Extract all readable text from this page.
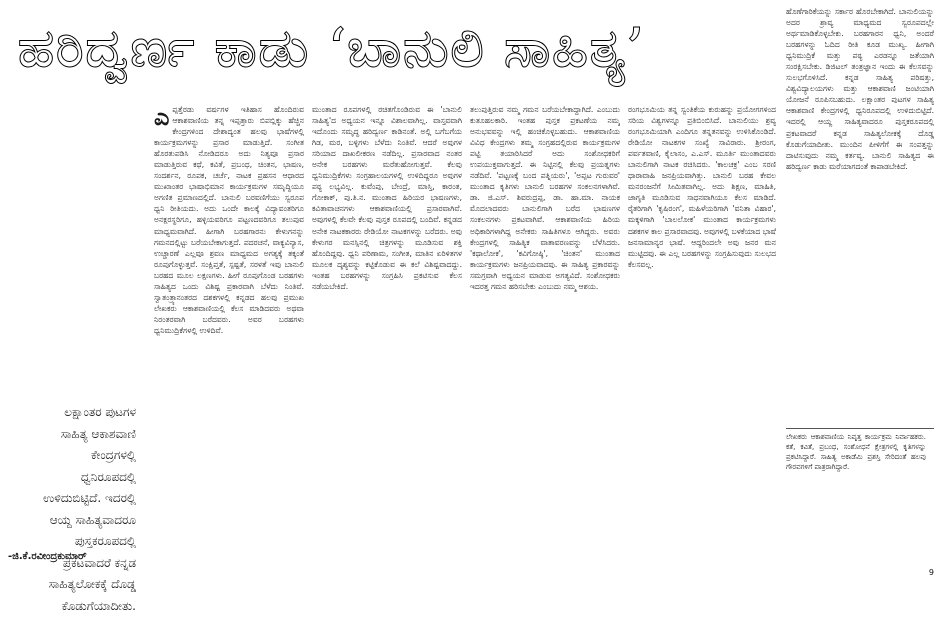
ಹರಿದ್ವರ್ಣ ಕಾಡು ‘ಬಾನುಲಿ ಸಾಹಿತ್ಯ’
ಎ ಪ್ಪತ್ತೆರಡು ವರ್ಷಗಳ ಇತಿಹಾಸ ಹೊಂದಿರುವ ಆಕಾಶವಾಣಿಯ ತನ್ನ ಇಪ್ಪತ್ತಾರು ಬಿಪಬ್ಲಿಕ್ಕು ಹೆಚ್ಚಿನ ಕೇಂದ್ರಗಳಿಂದ ದೇಶಾದ್ಯಂತ ಹಲವು ಭಾಷೆಗಳಲ್ಲಿ ಕಾರ್ಯಕ್ರಮಗಳನ್ನು ಪ್ರಸಾರ ಮಾಡುತ್ತಿದೆ. ಸಂಗೀತ ಹೊರತುಪಡಿಸಿ ನೋಡಿದರೂ ಅದು ನಿತ್ಯವೂ ಪ್ರಸಾರ ಮಾಡುತ್ತಿರುವ ಕಥೆ, ಕವಿತೆ, ಪ್ರಬಂಧ, ಚಿಂತನ, ಭಾಷಣ, ಸಂದರ್ಶನ, ರೂಪಕ, ಚರ್ಚೆ, ನಾಟಕ ಪ್ರಹಸನ ಆಧಾರದ ಮುಖಾಂತರ ಭಾಷಾಭಿಮಾನ ಕಾರ್ಯಕ್ರಮಗಳ ಸಮೃದ್ಧಿಯೂ ಅಗಣಿತ ಪ್ರಮಾಣದಲ್ಲಿದೆ. ಬಾನುಲಿ ಬರವಣಿಗೆಯು ಸ್ವರೂಪ ಧ್ವನಿ ರೀತಿಯದು. ಅದು ಒಂದೇ ಕಾಲಕ್ಕೆ ವಿದ್ಯಾವಂತರಿಗೂ ಅನಕ್ಷರಸ್ಥರಿಗೂ, ಹಳ್ಳಿಯವರಿಗೂ ಪಟ್ಟಣದವರಿಗೂ ತಲುಪುವ ಮಾಧ್ಯಮವಾಗಿದೆ. ಹೀಗಾಗಿ ಬರಹಗಾರನು ಕೇಳುಗನನ್ನು ಗಮನದಲ್ಲಿಟ್ಟು ಬರೆಯಬೇಕಾಗುತ್ತದೆ. ಪದರಚನೆ, ವಾಕ್ಯವಿನ್ಯಾಸ, ಉಚ್ಚಾರಣೆ ಎಲ್ಲವೂ ಶ್ರವಣ ಮಾಧ್ಯಮದ ಅಗತ್ಯಕ್ಕೆ ತಕ್ಕಂತೆ ರೂಪುಗೊಳ್ಳುತ್ತವೆ. ಸಂಕ್ಷಿಪ್ತತೆ, ಸ್ಪಷ್ಟತೆ, ಸರಳತೆ ಇವು ಬಾನುಲಿ ಬರಹದ ಮೂಲ ಲಕ್ಷಣಗಳು. ಹೀಗೆ ರೂಪುಗೊಂಡ ಬರಹಗಳು ಸಾಹಿತ್ಯದ ಒಂದು ವಿಶಿಷ್ಟ ಪ್ರಕಾರವಾಗಿ ಬೆಳೆದು ನಿಂತಿವೆ. ಸ್ವಾತಂತ್ರ್ಯಾನಂತರದ ದಶಕಗಳಲ್ಲಿ ಕನ್ನಡದ ಹಲವು ಪ್ರಮುಖ ಲೇಖಕರು ಆಕಾಶವಾಣಿಯಲ್ಲಿ ಕೆಲಸ ಮಾಡಿದವರು ಅಥವಾ ನಿರಂತರವಾಗಿ ಬರೆದವರು. ಅವರ ಬರಹಗಳು ಧ್ವನಿಮುದ್ರಿಕೆಗಳಲ್ಲಿ ಉಳಿದಿವೆ.

ಮುಂತಾದ ರೂಪಗಳಲ್ಲಿ ರಚಿತಗೊಂಡಿರುವ ಈ 'ಬಾನುಲಿ ಸಾಹಿತ್ಯ'ದ ಅಧ್ಯಯನ ಇನ್ನೂ ವಿಶಾಲವಾಗಿಲ್ಲ. ವಾಸ್ತವವಾಗಿ ಇದೊಂದು ಸಮೃದ್ಧ ಹರಿದ್ವರ್ಣ ಕಾಡಿನಂತೆ. ಅಲ್ಲಿ ಬಗೆಬಗೆಯ ಗಿಡ, ಮರ, ಬಳ್ಳಿಗಳು ಬೆಳೆದು ನಿಂತಿವೆ. ಆದರೆ ಅವುಗಳ ಸರಿಯಾದ ದಾಖಲೀಕರಣ ನಡೆದಿಲ್ಲ. ಪ್ರಸಾರವಾದ ನಂತರ ಅನೇಕ ಬರಹಗಳು ಮರೆತುಹೋಗುತ್ತವೆ. ಕೆಲವು ಧ್ವನಿಮುದ್ರಿಕೆಗಳು ಸಂಗ್ರಹಾಲಯಗಳಲ್ಲಿ ಉಳಿದಿದ್ದರೂ ಅವುಗಳ ಪಠ್ಯ ಲಭ್ಯವಿಲ್ಲ. ಕುವೆಂಪು, ಬೇಂದ್ರೆ, ಮಾಸ್ತಿ, ಕಾರಂತ, ಗೋಕಾಕ್, ಪು.ತಿ.ನ. ಮುಂತಾದ ಹಿರಿಯರ ಭಾಷಣಗಳು, ಕವಿತಾವಾಚನಗಳು ಆಕಾಶವಾಣಿಯಲ್ಲಿ ಪ್ರಸಾರವಾಗಿವೆ. ಅವುಗಳಲ್ಲಿ ಕೆಲವೇ ಕೆಲವು ಪುಸ್ತಕ ರೂಪದಲ್ಲಿ ಬಂದಿವೆ. ಕನ್ನಡದ ಅನೇಕ ನಾಟಕಕಾರರು ರೇಡಿಯೋ ನಾಟಕಗಳನ್ನು ಬರೆದರು. ಅವು ಕೇಳುಗರ ಮನಸ್ಸಿನಲ್ಲಿ ಚಿತ್ರಗಳನ್ನು ಮೂಡಿಸುವ ಶಕ್ತಿ ಹೊಂದಿದ್ದವು. ಧ್ವನಿ ಪರಿಣಾಮ, ಸಂಗೀತ, ಮಾತಿನ ಏರಿಳಿತಗಳ ಮೂಲಕ ದೃಶ್ಯವನ್ನು ಕಟ್ಟಿಕೊಡುವ ಈ ಕಲೆ ವಿಶಿಷ್ಟವಾದದ್ದು. ಇಂತಹ ಬರಹಗಳನ್ನು ಸಂಗ್ರಹಿಸಿ ಪ್ರಕಟಿಸುವ ಕೆಲಸ ನಡೆಯಬೇಕಿದೆ.

ತಲುಪುತ್ತಿರುವ ನಮ್ಮ ಗಮನ ಬರೆಯಬೇಕಾದ್ದಾಗಿದೆ. ಎಂಬುದು ಕುತೂಹಲಕಾರಿ. ಇಂತಹ ಪುಸ್ತಕ ಪ್ರಕಟಣೆಯ ನಮ್ಮ ಅನುಭವವನ್ನು ಇಲ್ಲಿ ಹಂಚಿಕೊಳ್ಳಬಹುದು. ಆಕಾಶವಾಣಿಯ ವಿವಿಧ ಕೇಂದ್ರಗಳು ತಮ್ಮ ಸಂಗ್ರಹದಲ್ಲಿರುವ ಕಾರ್ಯಕ್ರಮಗಳ ಪಟ್ಟಿ ತಯಾರಿಸಿದರೆ ಅದು ಸಂಶೋಧಕರಿಗೆ ಉಪಯುಕ್ತವಾಗುತ್ತದೆ. ಈ ನಿಟ್ಟಿನಲ್ಲಿ ಕೆಲವು ಪ್ರಯತ್ನಗಳು ನಡೆದಿವೆ. 'ಪಟ್ಟಣಕ್ಕೆ ಬಂದ ಪತ್ನಿಯರು', 'ಅಪ್ಪಟ ಗುರುವರ' ಮುಂತಾದ ಕೃತಿಗಳು ಬಾನುಲಿ ಬರಹಗಳ ಸಂಕಲನಗಳಾಗಿವೆ. ಡಾ. ಜಿ.ಎಸ್. ಶಿವರುದ್ರಪ್ಪ, ಡಾ. ಹಾ.ಮಾ. ನಾಯಕ ಮೊದಲಾದವರು ಬಾನುಲಿಗಾಗಿ ಬರೆದ ಭಾಷಣಗಳ ಸಂಕಲನಗಳು ಪ್ರಕಟವಾಗಿವೆ. ಆಕಾಶವಾಣಿಯ ಹಿರಿಯ ಅಧಿಕಾರಿಗಳಾಗಿದ್ದ ಅನೇಕರು ಸಾಹಿತಿಗಳೂ ಆಗಿದ್ದರು. ಅವರು ಕೇಂದ್ರಗಳಲ್ಲಿ ಸಾಹಿತ್ಯಿಕ ವಾತಾವರಣವನ್ನು ಬೆಳೆಸಿದರು. 'ಕಥಾಲೋಕ', 'ಕವಿಗೋಷ್ಠಿ', 'ಚಿಂತನ' ಮುಂತಾದ ಕಾರ್ಯಕ್ರಮಗಳು ಜನಪ್ರಿಯವಾದವು. ಈ ಸಾಹಿತ್ಯ ಪ್ರಕಾರವನ್ನು ಸಮಗ್ರವಾಗಿ ಅಧ್ಯಯನ ಮಾಡುವ ಅಗತ್ಯವಿದೆ. ಸಂಶೋಧಕರು ಇದರತ್ತ ಗಮನ ಹರಿಸಬೇಕು ಎಂಬುದು ನಮ್ಮ ಆಶಯ.

ರಂಗಭೂಮಿಯ ತನ್ನ ಸ್ವಂತಿಕೆಯ ಕುರುಹನ್ನು ಪ್ರಯೋಗಗಳಿಂದ ಸರಿಯ ವಿಶ್ವಗಳನ್ನೂ ಪ್ರತಿಬಿಂಬಿಸಿದೆ. ಬಾನುಲಿಯು ಶ್ರವ್ಯ ರಂಗಭೂಮಿಯಾಗಿ ಎಂದಿಗೂ ತನ್ನತನವನ್ನು ಉಳಿಸಿಕೊಂಡಿದೆ. ರೇಡಿಯೋ ನಾಟಕಗಳ ಸಂಖ್ಯೆ ಸಾವಿರಾರು. ಶ್ರೀರಂಗ, ಪರ್ವತವಾಣಿ, ಕೈಲಾಸಂ, ಎ.ಎಸ್. ಮೂರ್ತಿ ಮುಂತಾದವರು ಬಾನುಲಿಗಾಗಿ ನಾಟಕ ರಚಿಸಿದರು. 'ಕಾಲಚಕ್ರ' ಎಂಬ ಸರಣಿ ಧಾರಾವಾಹಿ ಜನಪ್ರಿಯವಾಗಿತ್ತು. ಬಾನುಲಿ ಬರಹ ಕೇವಲ ಮನರಂಜನೆಗೆ ಸೀಮಿತವಾಗಿಲ್ಲ. ಅದು ಶಿಕ್ಷಣ, ಮಾಹಿತಿ, ಜಾಗೃತಿ ಮೂಡಿಸುವ ಸಾಧನವಾಗಿಯೂ ಕೆಲಸ ಮಾಡಿದೆ. ರೈತರಿಗಾಗಿ 'ಕೃಷಿರಂಗ', ಮಹಿಳೆಯರಿಗಾಗಿ 'ವನಿತಾ ವಿಹಾರ', ಮಕ್ಕಳಿಗಾಗಿ 'ಬಾಲಲೋಕ' ಮುಂತಾದ ಕಾರ್ಯಕ್ರಮಗಳು ದಶಕಗಳ ಕಾಲ ಪ್ರಸಾರವಾದವು. ಅವುಗಳಲ್ಲಿ ಬಳಕೆಯಾದ ಭಾಷೆ ಜನಸಾಮಾನ್ಯರ ಭಾಷೆ. ಆದ್ದರಿಂದಲೇ ಅವು ಜನರ ಮನ ಮುಟ್ಟಿದವು. ಈ ಎಲ್ಲ ಬರಹಗಳನ್ನು ಸಂಗ್ರಹಿಸುವುದು ಸುಲಭದ ಕೆಲಸವಲ್ಲ.

ಹೊಣೆಗಾರಿಕೆಯನ್ನು ಸರ್ಕಾರ ಹೊರಬೇಕಾಗಿದೆ. ಬಾನುಲಿಯನ್ನು ಅದರ ಶ್ರಾವ್ಯ ಮಾಧ್ಯಮದ ಸ್ವರೂಪದಲ್ಲೇ ಅರ್ಥಮಾಡಿಕೊಳ್ಳಬೇಕು. ಬರಹಗಾರನ ಧ್ವನಿ, ಅಂದರೆ ಬರಹಗಳನ್ನು ಓದಿದ ರೀತಿ ಕೂಡ ಮುಖ್ಯ. ಹೀಗಾಗಿ ಧ್ವನಿಮುದ್ರಿಕೆ ಮತ್ತು ಪಠ್ಯ ಎರಡನ್ನೂ ಜತೆಯಾಗಿ ಸಂರಕ್ಷಿಸಬೇಕು. ಡಿಜಿಟಲ್ ತಂತ್ರಜ್ಞಾನ ಇಂದು ಈ ಕೆಲಸವನ್ನು ಸುಲಭಗೊಳಿಸಿದೆ. ಕನ್ನಡ ಸಾಹಿತ್ಯ ಪರಿಷತ್ತು, ವಿಶ್ವವಿದ್ಯಾಲಯಗಳು ಮತ್ತು ಆಕಾಶವಾಣಿ ಜಂಟಿಯಾಗಿ ಯೋಜನೆ ರೂಪಿಸಬಹುದು. ಲಕ್ಷಾಂತರ ಪುಟಗಳ ಸಾಹಿತ್ಯ ಆಕಾಶವಾಣಿ ಕೇಂದ್ರಗಳಲ್ಲಿ ಧ್ವನಿರೂಪದಲ್ಲಿ ಉಳಿದುಬಿಟ್ಟಿದೆ. ಇದರಲ್ಲಿ ಆಯ್ದ ಸಾಹಿತ್ಯವಾದರೂ ಪುಸ್ತಕರೂಪದಲ್ಲಿ ಪ್ರಕಟವಾದರೆ ಕನ್ನಡ ಸಾಹಿತ್ಯಲೋಕಕ್ಕೆ ದೊಡ್ಡ ಕೊಡುಗೆಯಾದೀತು. ಮುಂದಿನ ಪೀಳಿಗೆಗೆ ಈ ಸಂಪತ್ತನ್ನು ದಾಟಿಸುವುದು ನಮ್ಮ ಕರ್ತವ್ಯ. ಬಾನುಲಿ ಸಾಹಿತ್ಯದ ಈ ಹರಿದ್ವರ್ಣ ಕಾಡು ಮರೆಯಾಗದಂತೆ ಕಾಪಾಡಬೇಕಿದೆ.

ಲೇಖಕರು ಆಕಾಶವಾಣಿಯ ನಿವೃತ್ತ ಕಾರ್ಯಕ್ರಮ ನಿರ್ವಾಹಕರು. ಕತೆ, ಕವಿತೆ, ಪ್ರಬಂಧ, ಸಂಶೋಧನೆ ಕ್ಷೇತ್ರಗಳಲ್ಲಿ ಕೃತಿಗಳನ್ನು ಪ್ರಕಟಿಸಿದ್ದಾರೆ. ಸಾಹಿತ್ಯ ಅಕಾಡೆಮಿ ಪ್ರಶಸ್ತಿ ಸೇರಿದಂತೆ ಹಲವು ಗೌರವಗಳಿಗೆ ಪಾತ್ರರಾಗಿದ್ದಾರೆ.

ಲಕ್ಷಾಂತರ ಪುಟಗಳ
ಸಾಹಿತ್ಯ ಆಕಾಶವಾಣಿ
ಕೇಂದ್ರಗಳಲ್ಲಿ
ಧ್ವನಿರೂಪದಲ್ಲಿ
ಉಳಿದುಬಿಟ್ಟಿದೆ. ಇದರಲ್ಲಿ
ಆಯ್ದ ಸಾಹಿತ್ಯವಾದರೂ
ಪುಸ್ತಕರೂಪದಲ್ಲಿ
ಪ್ರಕಟವಾದರೆ ಕನ್ನಡ
ಸಾಹಿತ್ಯಲೋಕಕ್ಕೆ ದೊಡ್ಡ
ಕೊಡುಗೆಯಾದೀತು.
-ಜಿ.ಕೆ.ರವೀಂದ್ರಕುಮಾರ್
9
